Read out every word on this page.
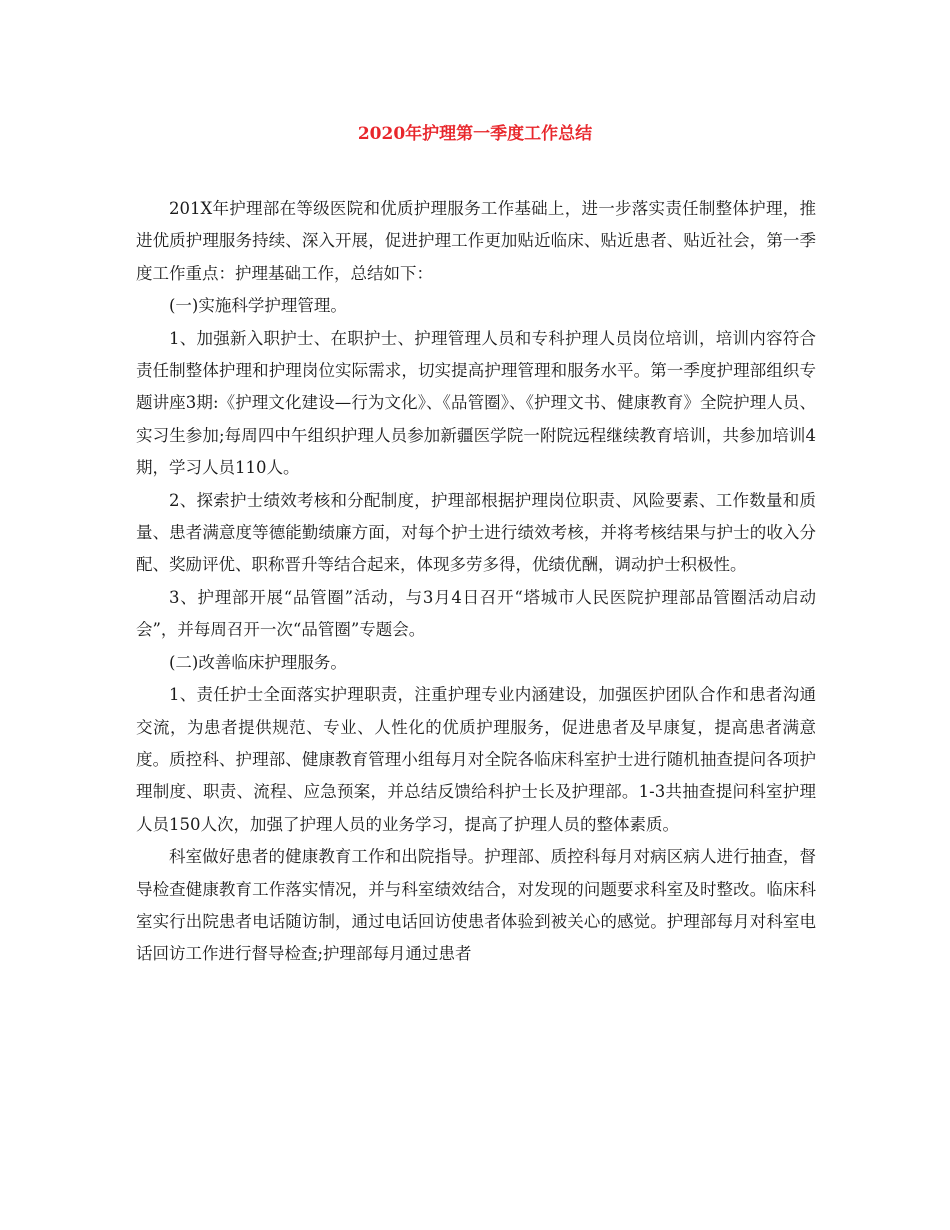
2020年护理第一季度工作总结

201X年护理部在等级医院和优质护理服务工作基础上，进一步落实责任制整体护理，推进优质护理服务持续、深入开展，促进护理工作更加贴近临床、贴近患者、贴近社会，第一季度工作重点：护理基础工作，总结如下：

(一)实施科学护理管理。

1、加强新入职护士、在职护士、护理管理人员和专科护理人员岗位培训，培训内容符合责任制整体护理和护理岗位实际需求，切实提高护理管理和服务水平。第一季度护理部组织专题讲座3期:《护理文化建设—行为文化》、《品管圈》、《护理文书、健康教育》全院护理人员、实习生参加;每周四中午组织护理人员参加新疆医学院一附院远程继续教育培训，共参加培训4期，学习人员110人。

2、探索护士绩效考核和分配制度，护理部根据护理岗位职责、风险要素、工作数量和质量、患者满意度等德能勤绩廉方面，对每个护士进行绩效考核，并将考核结果与护士的收入分配、奖励评优、职称晋升等结合起来，体现多劳多得，优绩优酬，调动护士积极性。

3、护理部开展“品管圈”活动，与3月4日召开“塔城市人民医院护理部品管圈活动启动会”，并每周召开一次“品管圈”专题会。

(二)改善临床护理服务。

1、责任护士全面落实护理职责，注重护理专业内涵建设，加强医护团队合作和患者沟通交流，为患者提供规范、专业、人性化的优质护理服务，促进患者及早康复，提高患者满意度。质控科、护理部、健康教育管理小组每月对全院各临床科室护士进行随机抽查提问各项护理制度、职责、流程、应急预案，并总结反馈给科护士长及护理部。1-3共抽查提问科室护理人员150人次，加强了护理人员的业务学习，提高了护理人员的整体素质。

科室做好患者的健康教育工作和出院指导。护理部、质控科每月对病区病人进行抽查，督导检查健康教育工作落实情况，并与科室绩效结合，对发现的问题要求科室及时整改。临床科室实行出院患者电话随访制，通过电话回访使患者体验到被关心的感觉。护理部每月对科室电话回访工作进行督导检查;护理部每月通过患者
